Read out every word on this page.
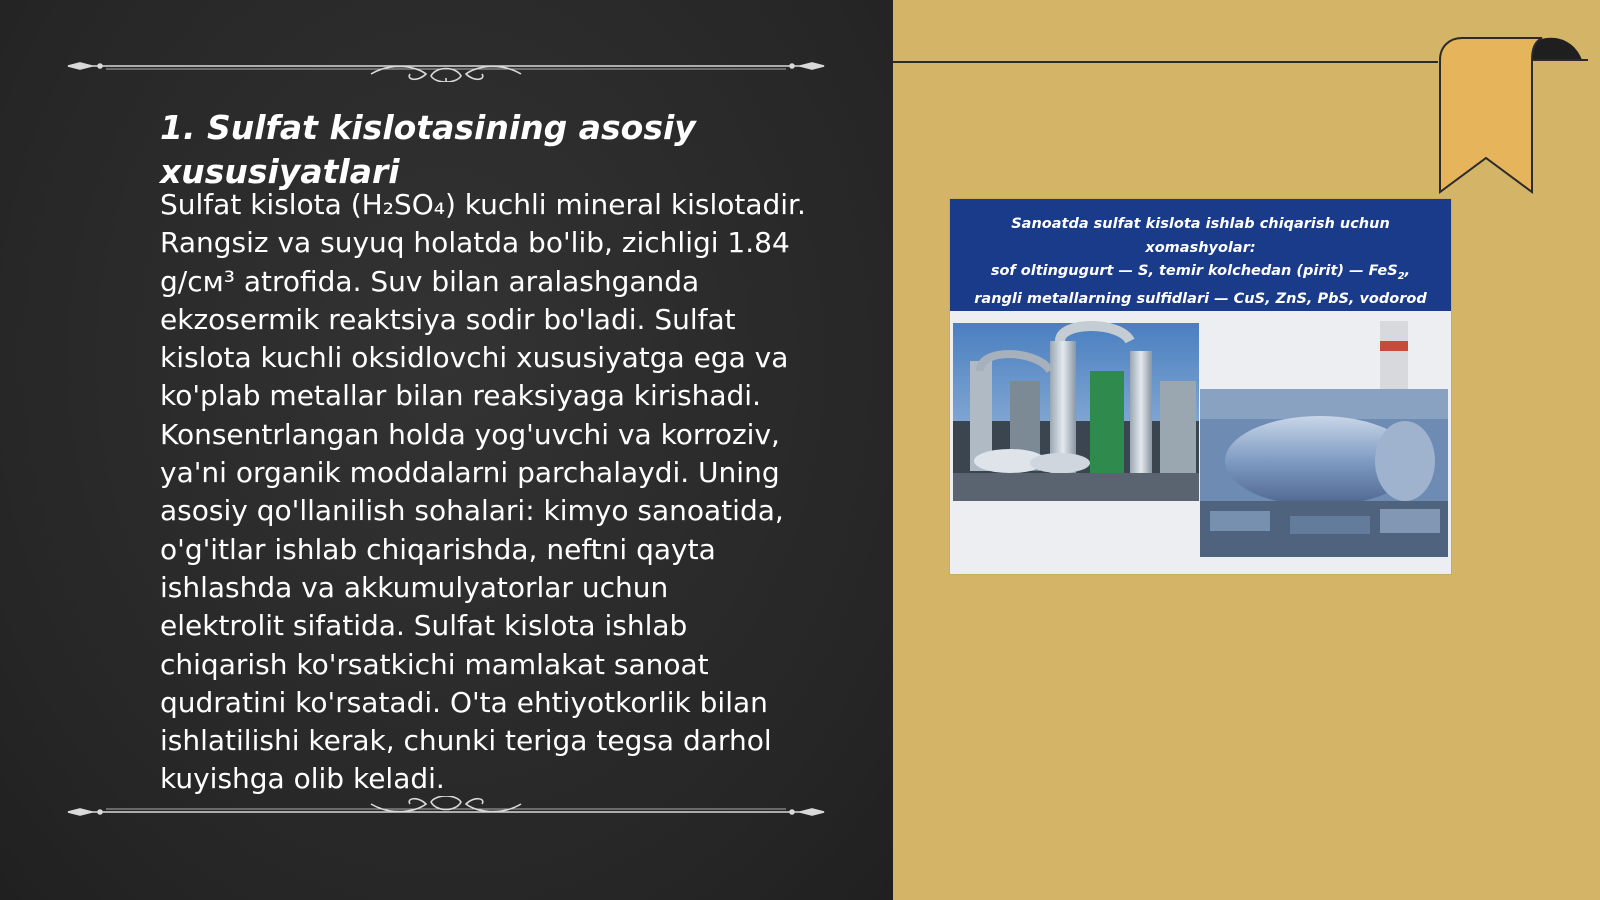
1. Sulfat kislotasining asosiy xususiyatlari

Sulfat kislota (H₂SO₄) kuchli mineral kislotadir.
Rangsiz va suyuq holatda bo'lib, zichligi 1.84
g/cм³ atrofida. Suv bilan aralashganda
ekzosermik reaktsiya sodir bo'ladi. Sulfat
kislota kuchli oksidlovchi xususiyatga ega va
ko'plab metallar bilan reaksiyaga kirishadi.
Konsentrlangan holda yog'uvchi va korroziv,
ya'ni organik moddalarni parchalaydi. Uning
asosiy qo'llanilish sohalari: kimyo sanoatida,
o'g'itlar ishlab chiqarishda, neftni qayta
ishlashda va akkumulyatorlar uchun
elektrolit sifatida. Sulfat kislota ishlab
chiqarish ko'rsatkichi mamlakat sanoat
qudratini ko'rsatadi. O'ta ehtiyotkorlik bilan
ishlatilishi kerak, chunki teriga tegsa darhol
kuyishga olib keladi.

Sanoatda sulfat kislota ishlab chiqarish uchun xomashyolar:
sof oltingugurt — S, temir kolchedan (pirit) — FeS$_2$,
rangli metallarning sulfidlari — CuS, ZnS, PbS, vodorod
